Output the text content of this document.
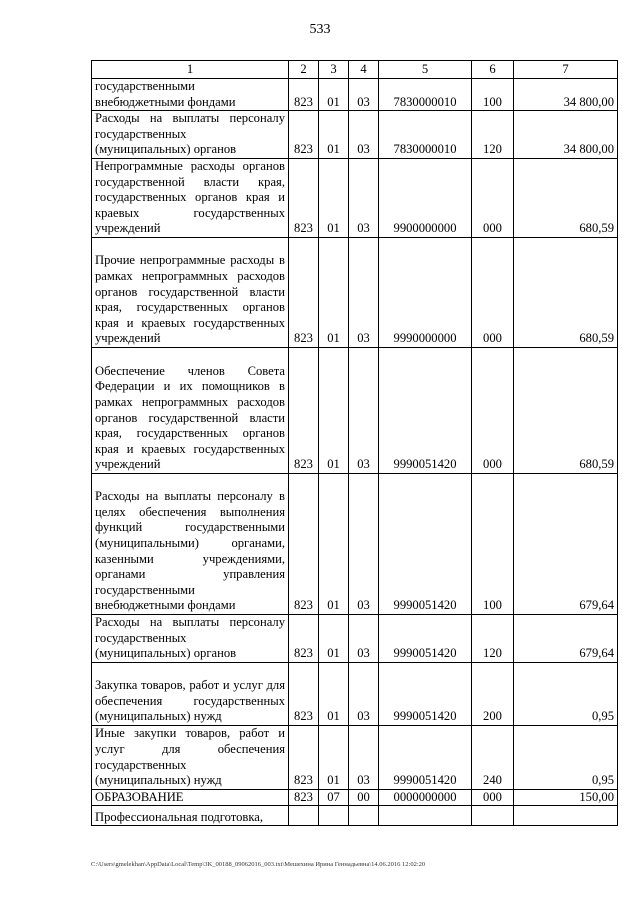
533
1	2	3	4	5	6	7
государственными внебюджетными фондами	823	01	03	7830000010	100	34 800,00
Расходы на выплаты персоналу государственных (муниципальных) органов	823	01	03	7830000010	120	34 800,00
Непрограммные расходы органов государственной власти края, государственных органов края и краевых государственных учреждений	823	01	03	9900000000	000	680,59
Прочие непрограммные расходы в рамках непрограммных расходов органов государственной власти края, государственных органов края и краевых государственных учреждений	823	01	03	9990000000	000	680,59
Обеспечение членов Совета Федерации и их помощников в рамках непрограммных расходов органов государственной власти края, государственных органов края и краевых государственных учреждений	823	01	03	9990051420	000	680,59
Расходы на выплаты персоналу в целях обеспечения выполнения функций государственными (муниципальными) органами, казенными учреждениями, органами управления государственными внебюджетными фондами	823	01	03	9990051420	100	679,64
Расходы на выплаты персоналу государственных (муниципальных) органов	823	01	03	9990051420	120	679,64
Закупка товаров, работ и услуг для обеспечения государственных (муниципальных) нужд	823	01	03	9990051420	200	0,95
Иные закупки товаров, работ и услуг для обеспечения государственных (муниципальных) нужд	823	01	03	9990051420	240	0,95
ОБРАЗОВАНИЕ	823	07	00	0000000000	000	150,00
Профессиональная подготовка,						
C:\Users\gmelekhan\AppData\Local\Temp\3K_00188_09062016_003.txt\Мешехина Ирина Геннадьевна\14.06.2016 12:02:20
